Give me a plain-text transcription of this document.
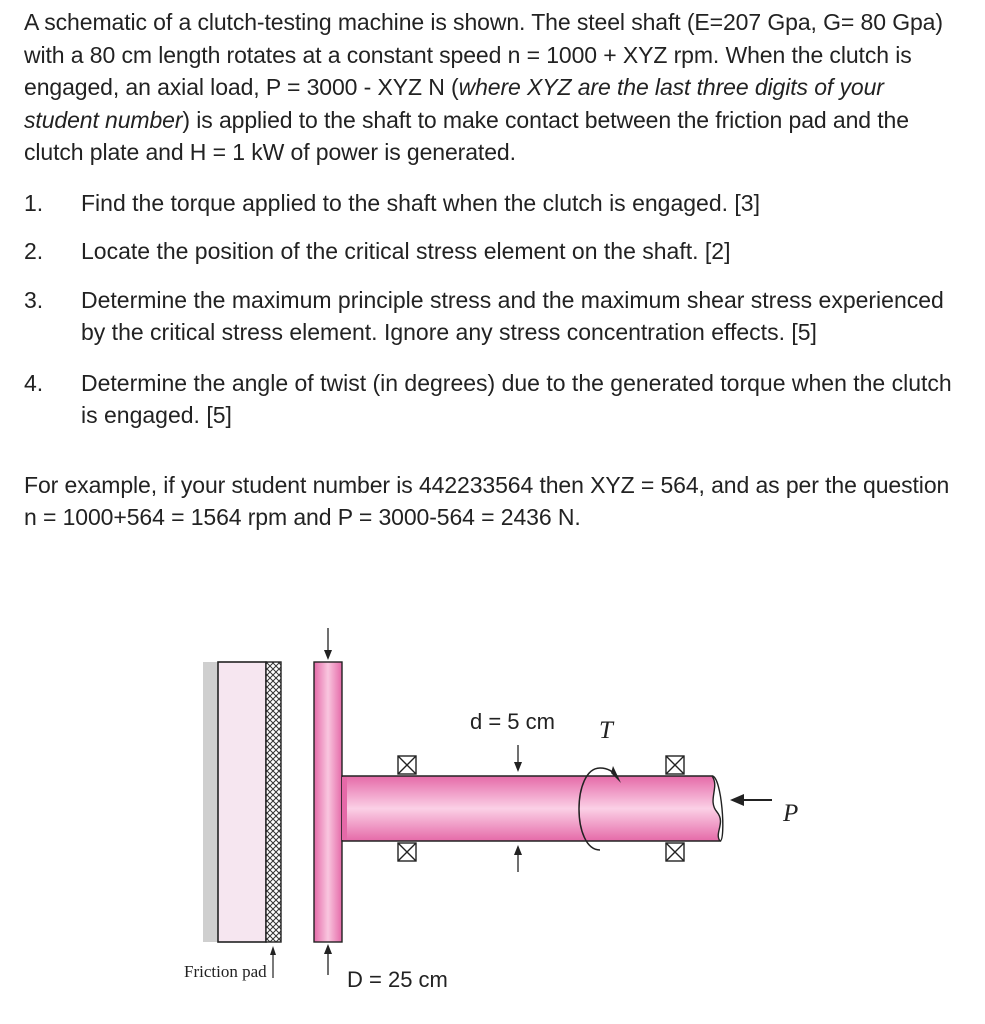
A schematic of a clutch-testing machine is shown. The steel shaft (E=207 Gpa, G= 80 Gpa) with a 80 cm length rotates at a constant speed n = 1000 + XYZ rpm. When the clutch is engaged, an axial load, P = 3000 - XYZ N (where XYZ are the last three digits of your student number) is applied to the shaft to make contact between the friction pad and the clutch plate and H = 1 kW of power is generated.

1. Find the torque applied to the shaft when the clutch is engaged. [3]
2. Locate the position of the critical stress element on the shaft. [2]
3. Determine the maximum principle stress and the maximum shear stress experienced by the critical stress element. Ignore any stress concentration effects. [5]
4. Determine the angle of twist (in degrees) due to the generated torque when the clutch is engaged. [5]

For example, if your student number is 442233564 then XYZ = 564, and as per the question n = 1000+564 = 1564 rpm and P = 3000-564 = 2436 N.

d = 5 cm
D = 25 cm
T
P
Friction pad
